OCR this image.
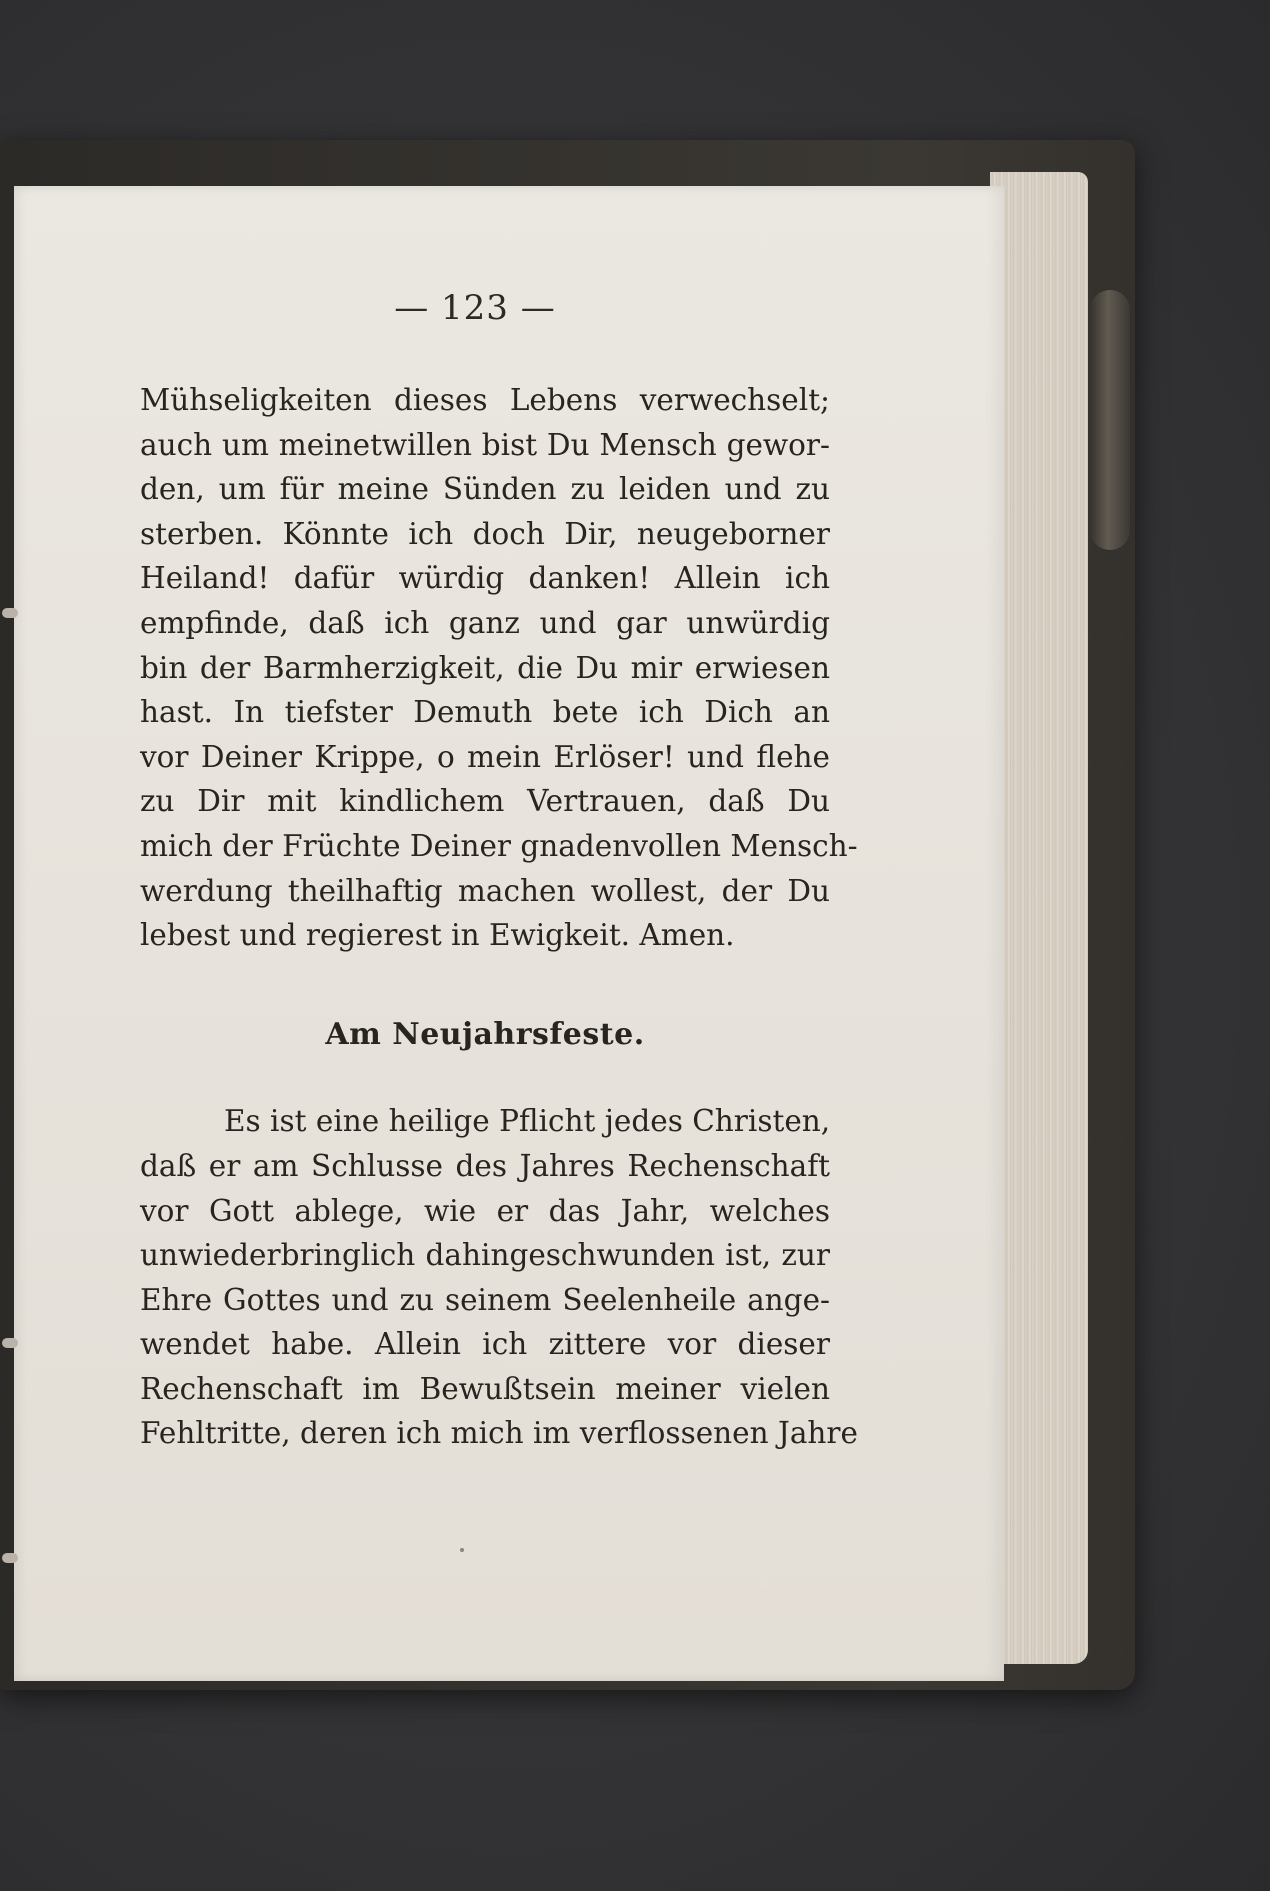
— 123 —
Mühseligkeiten dieses Lebens verwechselt;
auch um meinetwillen bist Du Mensch gewor-
den, um für meine Sünden zu leiden und zu
sterben. Könnte ich doch Dir, neugeborner
Heiland! dafür würdig danken! Allein ich
empfinde, daß ich ganz und gar unwürdig
bin der Barmherzigkeit, die Du mir erwiesen
hast. In tiefster Demuth bete ich Dich an
vor Deiner Krippe, o mein Erlöser! und flehe
zu Dir mit kindlichem Vertrauen, daß Du
mich der Früchte Deiner gnadenvollen Mensch-
werdung theilhaftig machen wollest, der Du
lebest und regierest in Ewigkeit. Amen.
Am Neujahrsfeste.
Es ist eine heilige Pflicht jedes Christen,
daß er am Schlusse des Jahres Rechenschaft
vor Gott ablege, wie er das Jahr, welches
unwiederbringlich dahingeschwunden ist, zur
Ehre Gottes und zu seinem Seelenheile ange-
wendet habe. Allein ich zittere vor dieser
Rechenschaft im Bewußtsein meiner vielen
Fehltritte, deren ich mich im verflossenen Jahre
